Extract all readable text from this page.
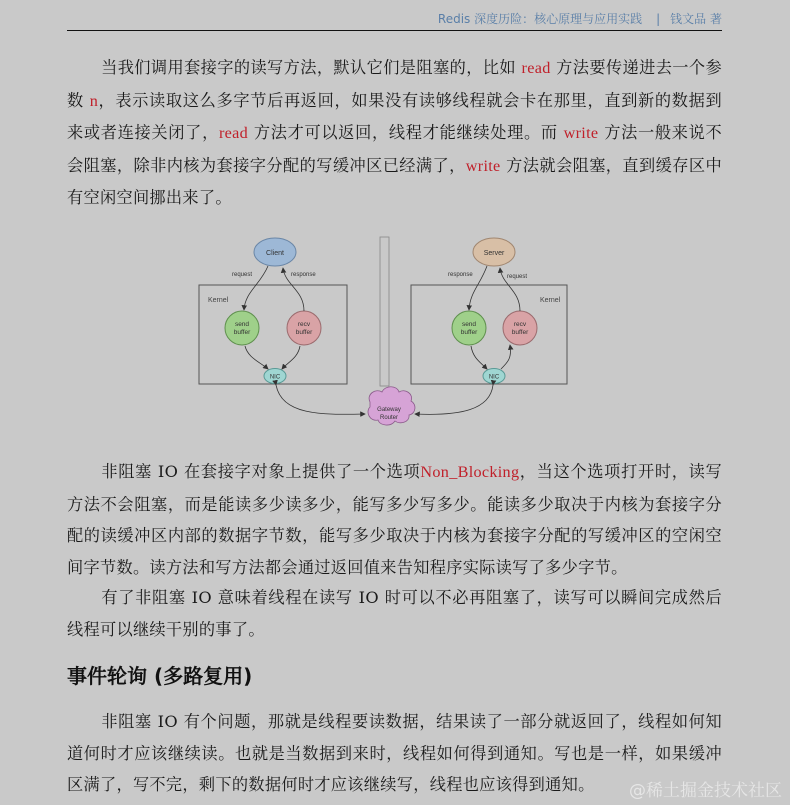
Redis 深度历险：核心原理与应用实践 | 钱文品 著
当我们调用套接字的读写方法，默认它们是阻塞的，比如 read 方法要传递进去一个参数 n，表示读取这么多字节后再返回，如果没有读够线程就会卡在那里，直到新的数据到来或者连接关闭了，read 方法才可以返回，线程才能继续处理。而 write 方法一般来说不会阻塞，除非内核为套接字分配的写缓冲区已经满了，write 方法就会阻塞，直到缓存区中有空闲空间挪出来了。
Kernel
Client
request	response
send
buffer
recv
buffer
NIC
Kernel
Server
response	request
send
buffer
recv
buffer
NIC
Gateway
Router
非阻塞 IO 在套接字对象上提供了一个选项Non_Blocking，当这个选项打开时，读写方法不会阻塞，而是能读多少读多少，能写多少写多少。能读多少取决于内核为套接字分配的读缓冲区内部的数据字节数，能写多少取决于内核为套接字分配的写缓冲区的空闲空间字节数。读方法和写方法都会通过返回值来告知程序实际读写了多少字节。
有了非阻塞 IO 意味着线程在读写 IO 时可以不必再阻塞了，读写可以瞬间完成然后线程可以继续干别的事了。
事件轮询 (多路复用)
非阻塞 IO 有个问题，那就是线程要读数据，结果读了一部分就返回了，线程如何知道何时才应该继续读。也就是当数据到来时，线程如何得到通知。写也是一样，如果缓冲区满了，写不完，剩下的数据何时才应该继续写，线程也应该得到通知。	@稀土掘金技术社区
